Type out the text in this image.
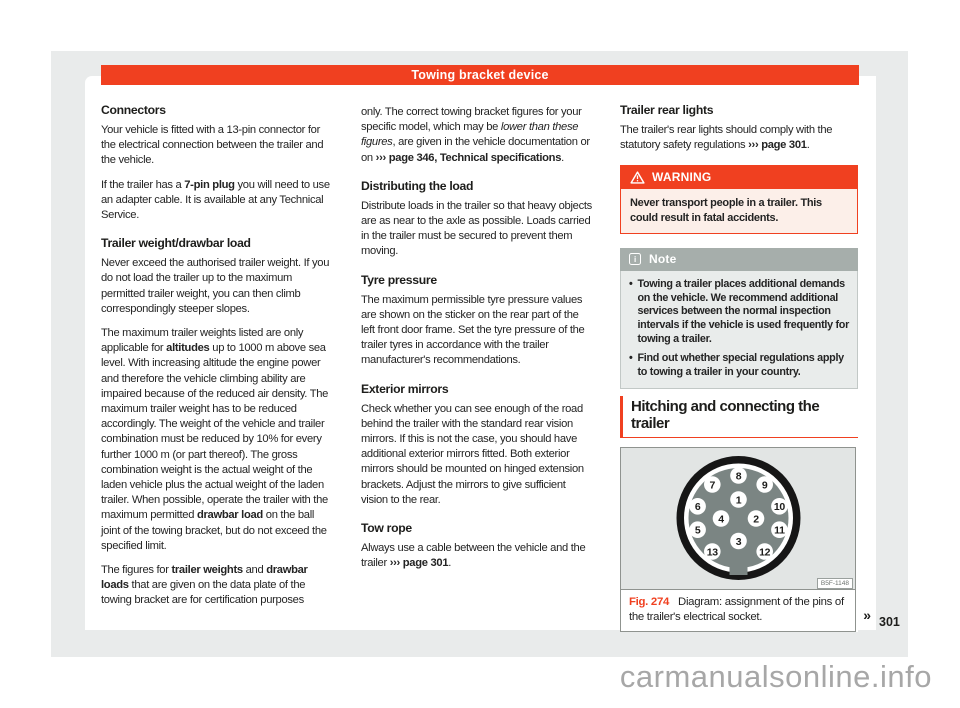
Towing bracket device
Connectors

Your vehicle is fitted with a 13-pin connector for the electrical connection between the trailer and the vehicle.

If the trailer has a 7-pin plug you will need to use an adapter cable. It is available at any Technical Service.

Trailer weight/drawbar load

Never exceed the authorised trailer weight. If you do not load the trailer up to the maximum permitted trailer weight, you can then climb correspondingly steeper slopes.

The maximum trailer weights listed are only applicable for altitudes up to 1000 m above sea level. With increasing altitude the engine power and therefore the vehicle climbing ability are impaired because of the reduced air density. The maximum trailer weight has to be reduced accordingly. The weight of the vehicle and trailer combination must be reduced by 10% for every further 1000 m (or part thereof). The gross combination weight is the actual weight of the laden vehicle plus the actual weight of the laden trailer. When possible, operate the trailer with the maximum permitted drawbar load on the ball joint of the towing bracket, but do not exceed the specified limit.

The figures for trailer weights and drawbar loads that are given on the data plate of the towing bracket are for certification purposes

only. The correct towing bracket figures for your specific model, which may be lower than these figures, are given in the vehicle documentation or on ››› page 346, Technical specifications.

Distributing the load

Distribute loads in the trailer so that heavy objects are as near to the axle as possible. Loads carried in the trailer must be secured to prevent them moving.

Tyre pressure

The maximum permissible tyre pressure values are shown on the sticker on the rear part of the left front door frame. Set the tyre pressure of the trailer tyres in accordance with the trailer manufacturer's recommendations.

Exterior mirrors

Check whether you can see enough of the road behind the trailer with the standard rear vision mirrors. If this is not the case, you should have additional exterior mirrors fitted. Both exterior mirrors should be mounted on hinged extension brackets. Adjust the mirrors to give sufficient vision to the rear.

Tow rope

Always use a cable between the vehicle and the trailer ››› page 301.

Trailer rear lights

The trailer's rear lights should comply with the statutory safety regulations ››› page 301.

WARNING
Never transport people in a trailer. This could result in fatal accidents.
i	Note
• Towing a trailer places additional demands on the vehicle. We recommend additional services between the normal inspection intervals if the vehicle is used frequently for towing a trailer.
• Find out whether special regulations apply to towing a trailer in your country.
Hitching and connecting the trailer
1
2
3
4
5
6
7
8
9
10
11
12
13
B5F-1148
Fig. 274 Diagram: assignment of the pins of the trailer's electrical socket.	» 301
carmanualsonline.info
